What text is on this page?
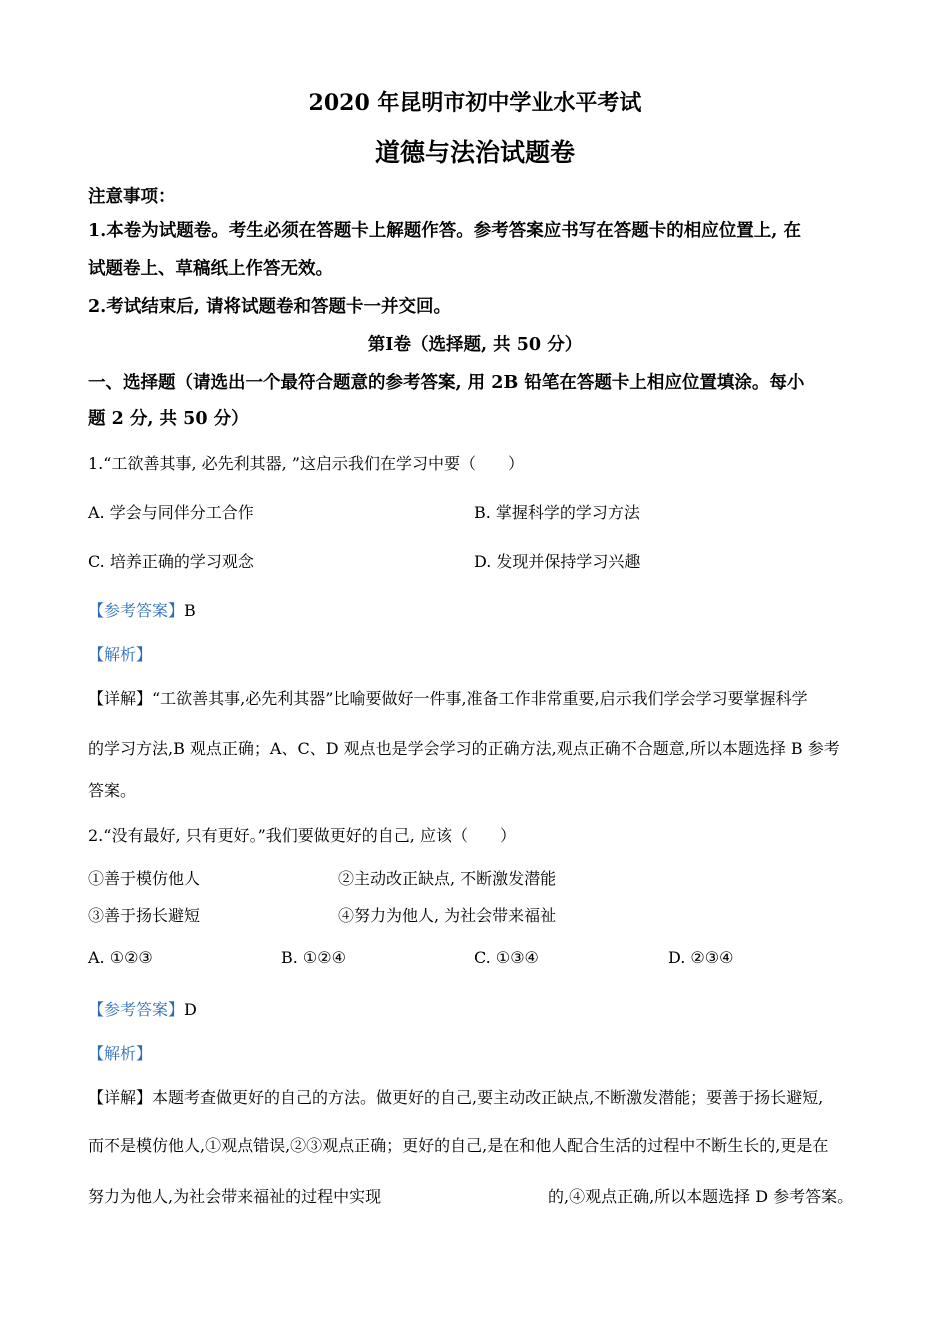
2020 年昆明市初中学业水平考试
道德与法治试题卷
注意事项：
1.本卷为试题卷。考生必须在答题卡上解题作答。参考答案应书写在答题卡的相应位置上, 在
试题卷上、草稿纸上作答无效。
2.考试结束后, 请将试题卷和答题卡一并交回。
第Ⅰ卷（选择题, 共 50 分）
一、选择题（请选出一个最符合题意的参考答案, 用 2B 铅笔在答题卡上相应位置填涂。每小
题 2 分, 共 50 分）
1.“工欲善其事, 必先利其器, ”这启示我们在学习中要（　　）
A. 学会与同伴分工合作	B. 掌握科学的学习方法
C. 培养正确的学习观念	D. 发现并保持学习兴趣
【参考答案】B
【解析】
【详解】“工欲善其事,必先利其器”比喻要做好一件事,准备工作非常重要,启示我们学会学习要掌握科学
的学习方法,B 观点正确；A、C、D 观点也是学会学习的正确方法,观点正确不合题意,所以本题选择 B 参考
答案。
2.“没有最好, 只有更好。”我们要做更好的自己, 应该（　　）
①善于模仿他人	②主动改正缺点, 不断激发潜能
③善于扬长避短	④努力为他人, 为社会带来福祉
A. ①②③	B. ①②④	C. ①③④	D. ②③④
【参考答案】D
【解析】
【详解】本题考查做更好的自己的方法。做更好的自己,要主动改正缺点,不断激发潜能；要善于扬长避短,
而不是模仿他人,①观点错误,②③观点正确；更好的自己,是在和他人配合生活的过程中不断生长的,更是在
努力为他人,为社会带来福祉的过程中实现	的,④观点正确,所以本题选择 D 参考答案。
